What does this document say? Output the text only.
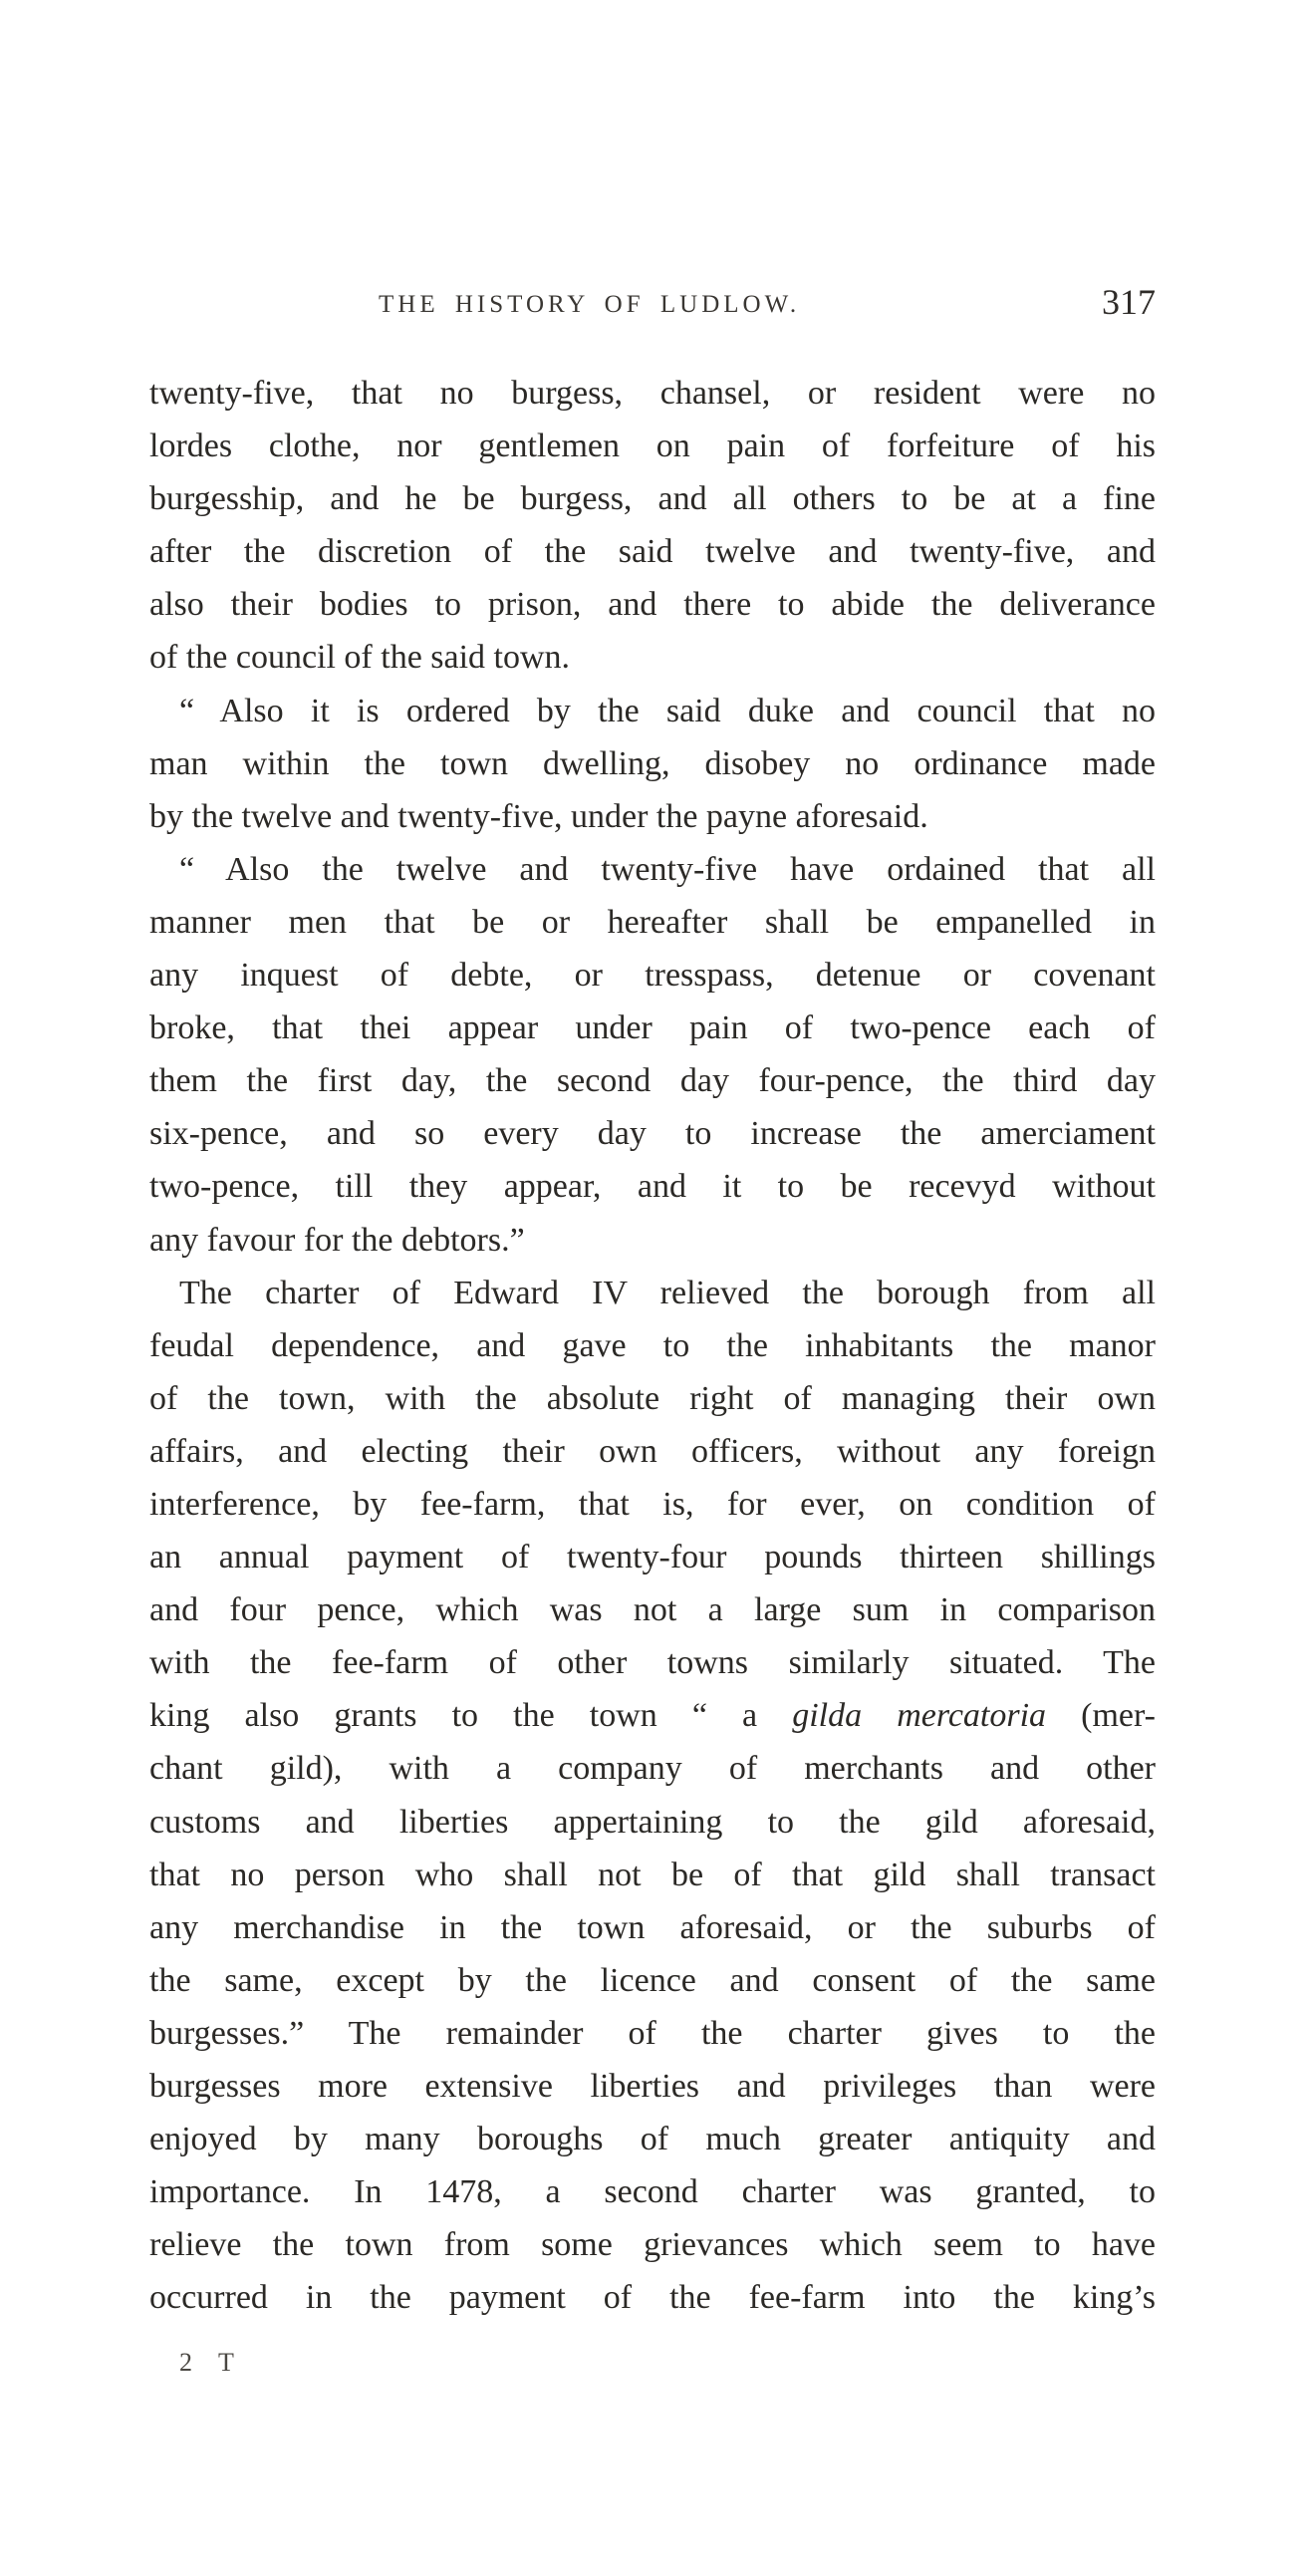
THE HISTORY OF LUDLOW.	317
twenty-five, that no burgess, chansel, or resident were no
lordes clothe, nor gentlemen on pain of forfeiture of his
burgesship, and he be burgess, and all others to be at a fine
after the discretion of the said twelve and twenty-five, and
also their bodies to prison, and there to abide the deliverance
of the council of the said town.
“ Also it is ordered by the said duke and council that no
man within the town dwelling, disobey no ordinance made
by the twelve and twenty-five, under the payne aforesaid.
“ Also the twelve and twenty-five have ordained that all
manner men that be or hereafter shall be empanelled in
any inquest of debte, or tresspass, detenue or covenant
broke, that thei appear under pain of two-pence each of
them the first day, the second day four-pence, the third day
six-pence, and so every day to increase the amerciament
two-pence, till they appear, and it to be recevyd without
any favour for the debtors.”
The charter of Edward IV relieved the borough from all
feudal dependence, and gave to the inhabitants the manor
of the town, with the absolute right of managing their own
affairs, and electing their own officers, without any foreign
interference, by fee-farm, that is, for ever, on condition of
an annual payment of twenty-four pounds thirteen shillings
and four pence, which was not a large sum in comparison
with the fee-farm of other towns similarly situated. The
king also grants to the town “ a gilda mercatoria (mer-
chant gild), with a company of merchants and other
customs and liberties appertaining to the gild aforesaid,
that no person who shall not be of that gild shall transact
any merchandise in the town aforesaid, or the suburbs of
the same, except by the licence and consent of the same
burgesses.” The remainder of the charter gives to the
burgesses more extensive liberties and privileges than were
enjoyed by many boroughs of much greater antiquity and
importance. In 1478, a second charter was granted, to
relieve the town from some grievances which seem to have
occurred in the payment of the fee-farm into the king’s
2 T
